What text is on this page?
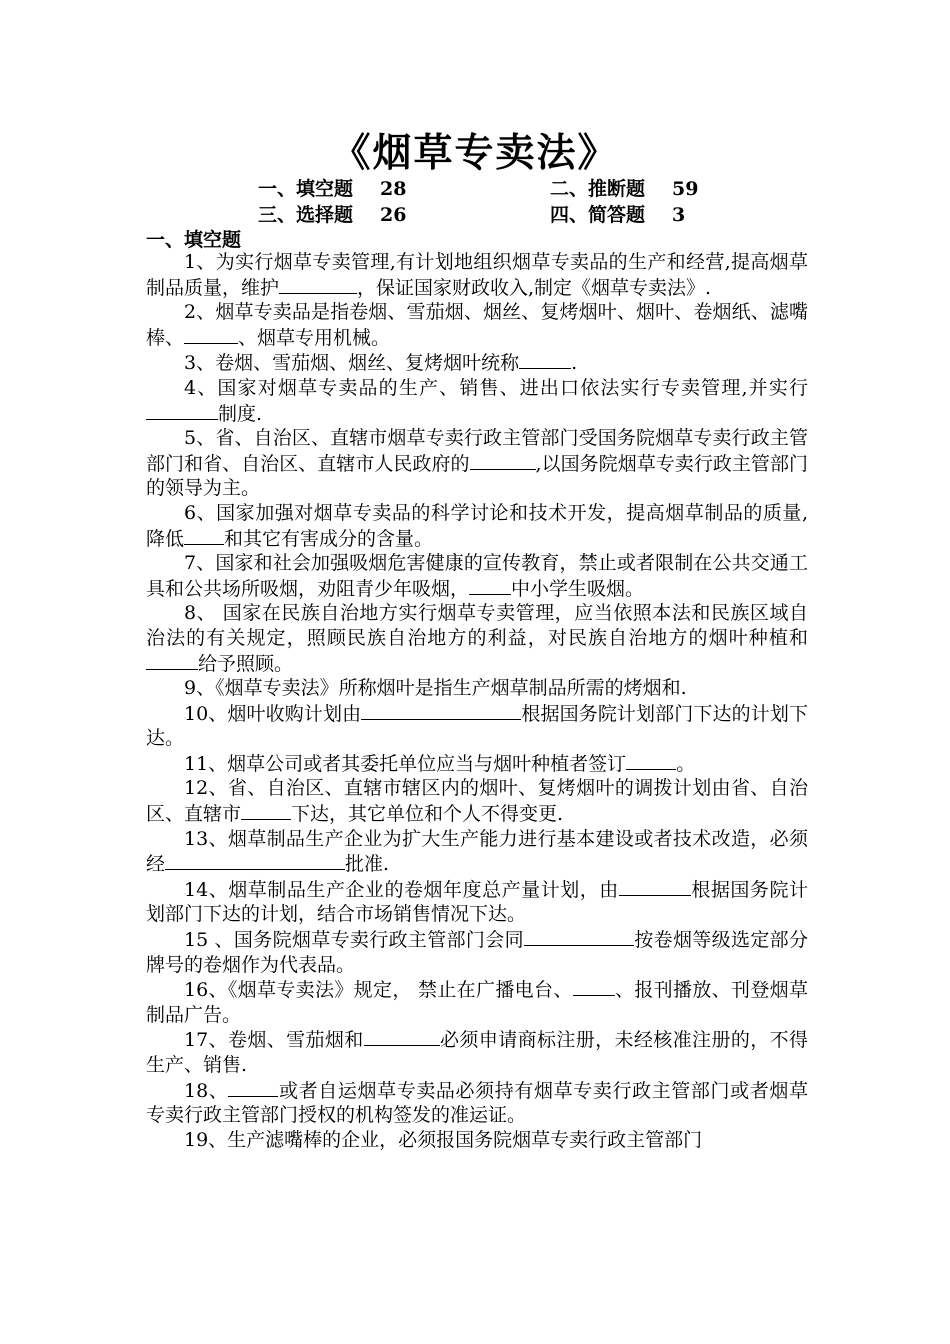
《烟草专卖法》
一、填空题 28	二、推断题 59
三、选择题 26	四、简答题 3
一、填空题

1、为实行烟草专卖管理,有计划地组织烟草专卖品的生产和经营,提高烟草制品质量，维护	，保证国家财政收入,制定《烟草专卖法》.

2、烟草专卖品是指卷烟、雪茄烟、烟丝、复烤烟叶、烟叶、卷烟纸、滤嘴棒、	、烟草专用机械。

3、卷烟、雪茄烟、烟丝、复烤烟叶统称	.

4、国家对烟草专卖品的生产、销售、进出口依法实行专卖管理,并实行制度.

5、省、自治区、直辖市烟草专卖行政主管部门受国务院烟草专卖行政主管部门和省、自治区、直辖市人民政府的	,以国务院烟草专卖行政主管部门的领导为主。

6、国家加强对烟草专卖品的科学讨论和技术开发，提高烟草制品的质量,降低 和其它有害成分的含量。

7、国家和社会加强吸烟危害健康的宣传教育，禁止或者限制在公共交通工具和公共场所吸烟，劝阻青少年吸烟， 中小学生吸烟。

8、 国家在民族自治地方实行烟草专卖管理，应当依照本法和民族区域自治法的有关规定，照顾民族自治地方的利益，对民族自治地方的烟叶种植和给予照顾。

9、《烟草专卖法》所称烟叶是指生产烟草制品所需的烤烟和.

10、烟叶收购计划由	根据国务院计划部门下达的计划下达。

11、烟草公司或者其委托单位应当与烟叶种植者签订	。

12、省、自治区、直辖市辖区内的烟叶、复烤烟叶的调拨计划由省、自治区、直辖市	下达，其它单位和个人不得变更.

13、烟草制品生产企业为扩大生产能力进行基本建设或者技术改造，必须经	批准.

14、烟草制品生产企业的卷烟年度总产量计划，由	根据国务院计划部门下达的计划，结合市场销售情况下达。

15 、国务院烟草专卖行政主管部门会同	按卷烟等级选定部分牌号的卷烟作为代表品。

16、《烟草专卖法》规定， 禁止在广播电台、 、报刊播放、刊登烟草制品广告。

17、卷烟、雪茄烟和	必须申请商标注册，未经核准注册的，不得生产、销售.

18、	或者自运烟草专卖品必须持有烟草专卖行政主管部门或者烟草专卖行政主管部门授权的机构签发的准运证。

19、生产滤嘴棒的企业，必须报国务院烟草专卖行政主管部门
